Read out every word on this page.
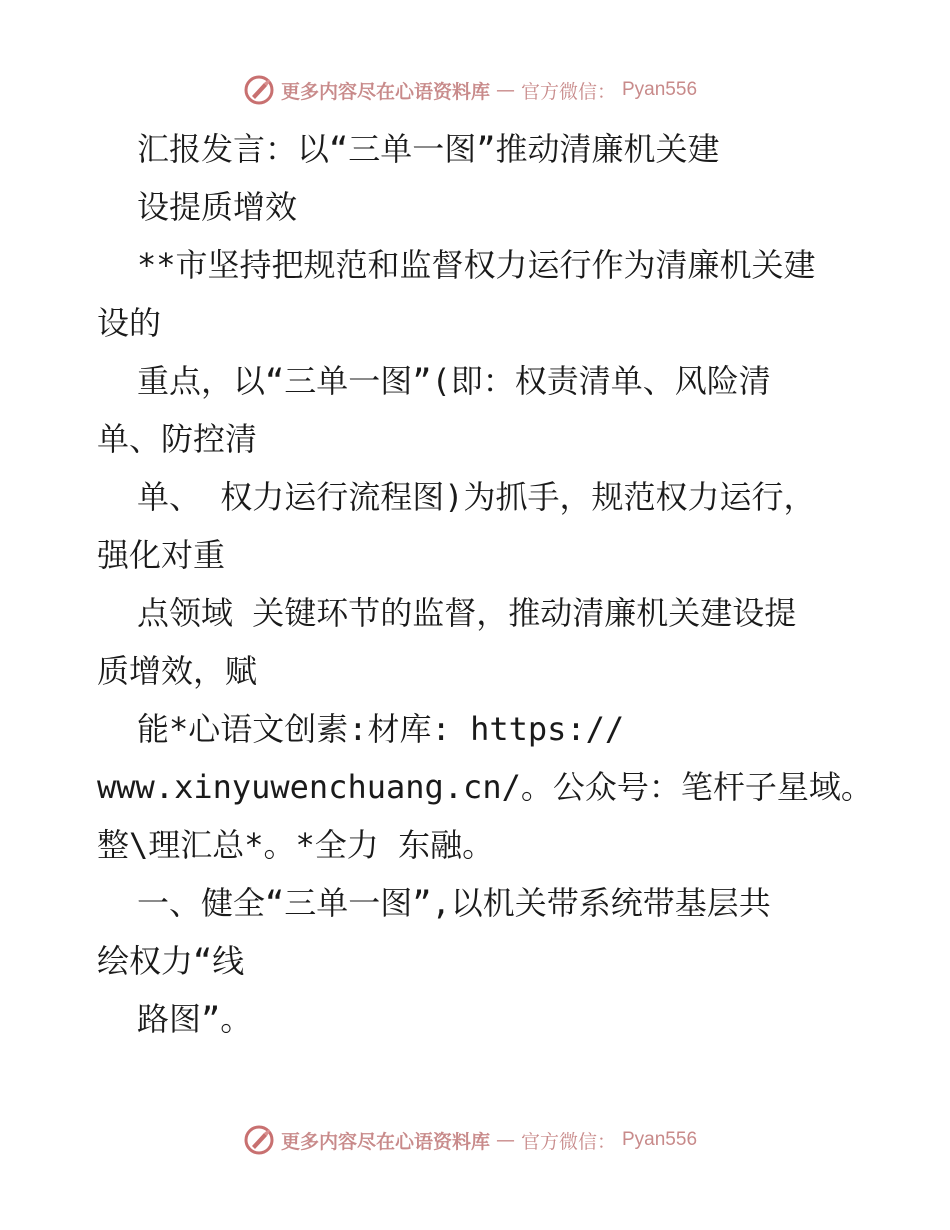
更多内容尽在心语资料库 — 官方微信： Pyan556

汇报发言：以“三单一图”推动清廉机关建

设提质增效

**市坚持把规范和监督权力运行作为清廉机关建

设的

重点，以“三单一图”(即：权责清单、风险清

单、防控清

单、 权力运行流程图)为抓手，规范权力运行，

强化对重

点领域 关键环节的监督，推动清廉机关建设提

质增效，赋

能*心语文创素:材库: https://

www.xinyuwenchuang.cn/。公众号：笔杆子星域。

整\理汇总*。*全力 东融。

一、健全“三单一图”,以机关带系统带基层共

绘权力“线

路图”。

更多内容尽在心语资料库 — 官方微信： Pyan556
